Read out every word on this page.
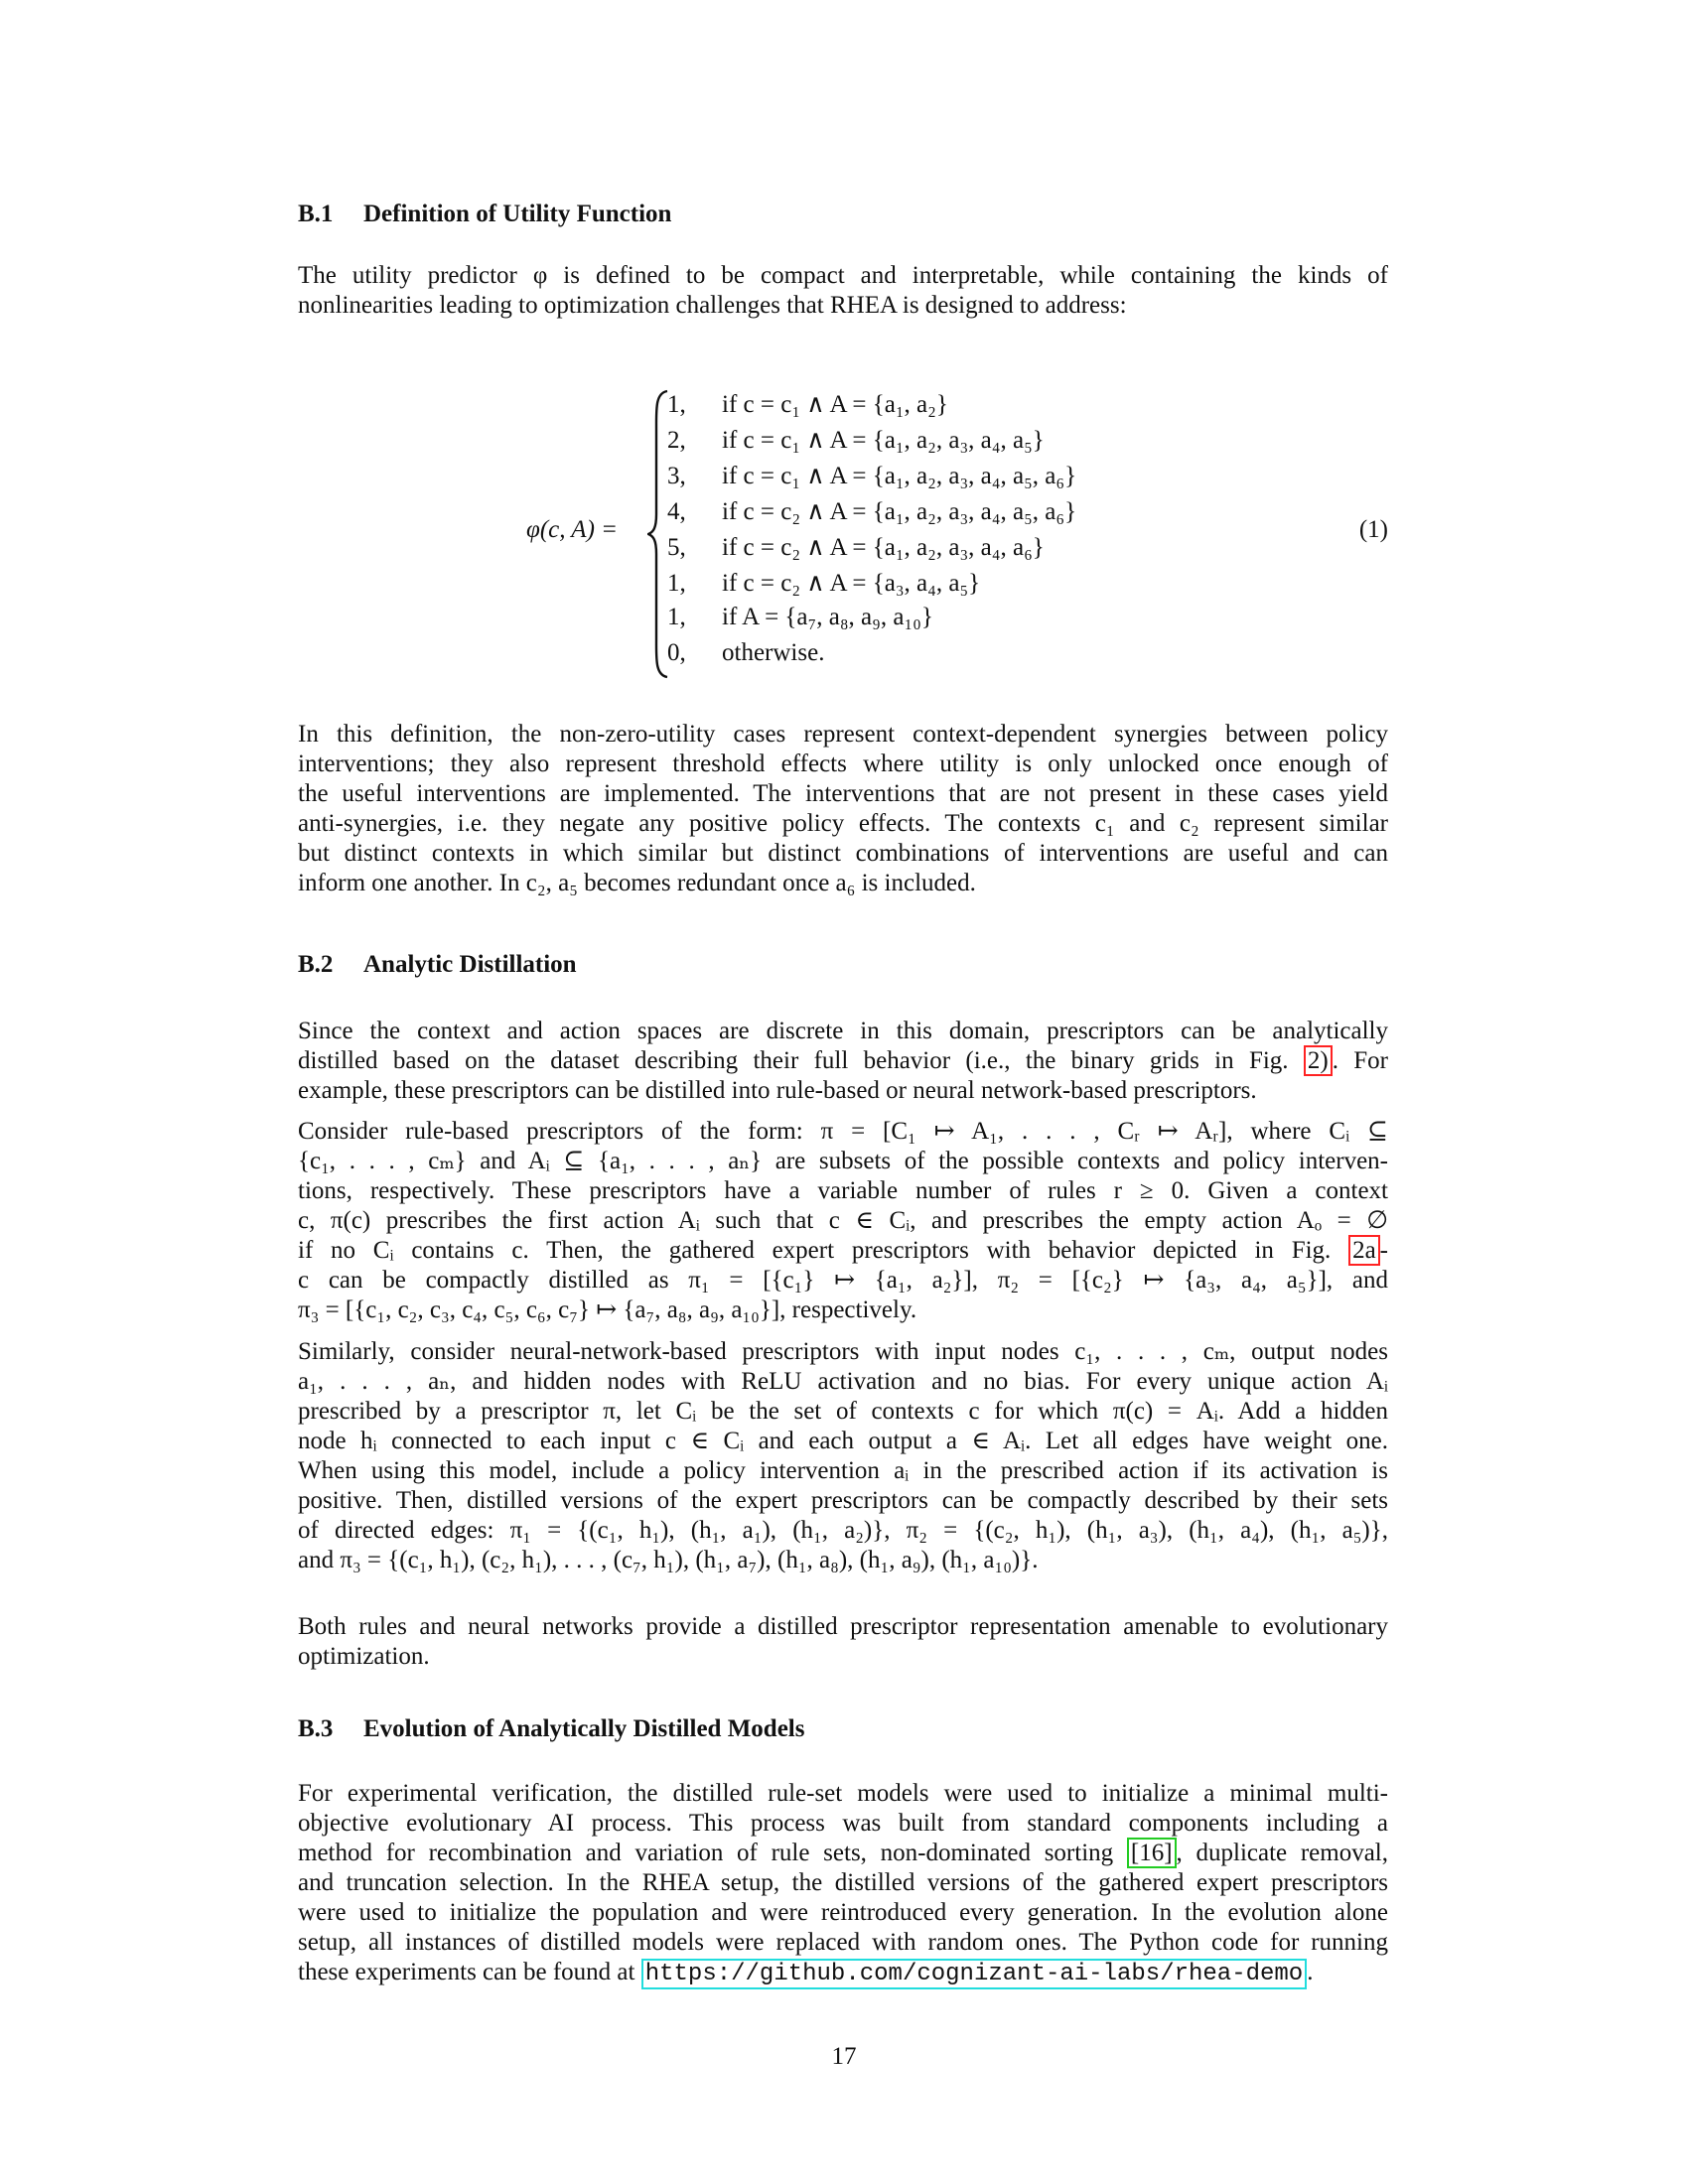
B.1 Definition of Utility Function
The utility predictor φ is defined to be compact and interpretable, while containing the kinds of
nonlinearities leading to optimization challenges that RHEA is designed to address:
φ(c, A) =
1, if c = c₁ ∧ A = {a₁, a₂}
2, if c = c₁ ∧ A = {a₁, a₂, a₃, a₄, a₅}
3, if c = c₁ ∧ A = {a₁, a₂, a₃, a₄, a₅, a₆}
4, if c = c₂ ∧ A = {a₁, a₂, a₃, a₄, a₅, a₆}
5, if c = c₂ ∧ A = {a₁, a₂, a₃, a₄, a₆}
1, if c = c₂ ∧ A = {a₃, a₄, a₅}
1, if A = {a₇, a₈, a₉, a₁₀}
0, otherwise.
(1)
In this definition, the non-zero-utility cases represent context-dependent synergies between policy
interventions; they also represent threshold effects where utility is only unlocked once enough of
the useful interventions are implemented. The interventions that are not present in these cases yield
anti-synergies, i.e. they negate any positive policy effects. The contexts c₁ and c₂ represent similar
but distinct contexts in which similar but distinct combinations of interventions are useful and can
inform one another. In c₂, a₅ becomes redundant once a₆ is included.
B.2 Analytic Distillation
Since the context and action spaces are discrete in this domain, prescriptors can be analytically
distilled based on the dataset describing their full behavior (i.e., the binary grids in Fig. 2) . For
example, these prescriptors can be distilled into rule-based or neural network-based prescriptors.
Consider rule-based prescriptors of the form: π = [C₁ ↦ A₁, . . . , Cᵣ ↦ Aᵣ], where Cᵢ ⊆
{c₁, . . . , cₘ} and Aᵢ ⊆ {a₁, . . . , aₙ} are subsets of the possible contexts and policy interven-
tions, respectively. These prescriptors have a variable number of rules r ≥ 0. Given a context
c, π(c) prescribes the first action Aᵢ such that c ∈ Cᵢ, and prescribes the empty action Aₒ = ∅
if no Cᵢ contains c. Then, the gathered expert prescriptors with behavior depicted in Fig. 2a -
c can be compactly distilled as π₁ = [{c₁} ↦ {a₁, a₂}], π₂ = [{c₂} ↦ {a₃, a₄, a₅}], and
π₃ = [{c₁, c₂, c₃, c₄, c₅, c₆, c₇} ↦ {a₇, a₈, a₉, a₁₀}], respectively.
Similarly, consider neural-network-based prescriptors with input nodes c₁, . . . , cₘ, output nodes
a₁, . . . , aₙ, and hidden nodes with ReLU activation and no bias. For every unique action Aᵢ
prescribed by a prescriptor π, let Cᵢ be the set of contexts c for which π(c) = Aᵢ. Add a hidden
node hᵢ connected to each input c ∈ Cᵢ and each output a ∈ Aᵢ. Let all edges have weight one.
When using this model, include a policy intervention aᵢ in the prescribed action if its activation is
positive. Then, distilled versions of the expert prescriptors can be compactly described by their sets
of directed edges: π₁ = {(c₁, h₁), (h₁, a₁), (h₁, a₂)}, π₂ = {(c₂, h₁), (h₁, a₃), (h₁, a₄), (h₁, a₅)},
and π₃ = {(c₁, h₁), (c₂, h₁), . . . , (c₇, h₁), (h₁, a₇), (h₁, a₈), (h₁, a₉), (h₁, a₁₀)}.
Both rules and neural networks provide a distilled prescriptor representation amenable to evolutionary
optimization.
B.3 Evolution of Analytically Distilled Models
For experimental verification, the distilled rule-set models were used to initialize a minimal multi-
objective evolutionary AI process. This process was built from standard components including a
method for recombination and variation of rule sets, non-dominated sorting [16] , duplicate removal,
and truncation selection. In the RHEA setup, the distilled versions of the gathered expert prescriptors
were used to initialize the population and were reintroduced every generation. In the evolution alone
setup, all instances of distilled models were replaced with random ones. The Python code for running
these experiments can be found at https://github.com/cognizant-ai-labs/rhea-demo .
17
